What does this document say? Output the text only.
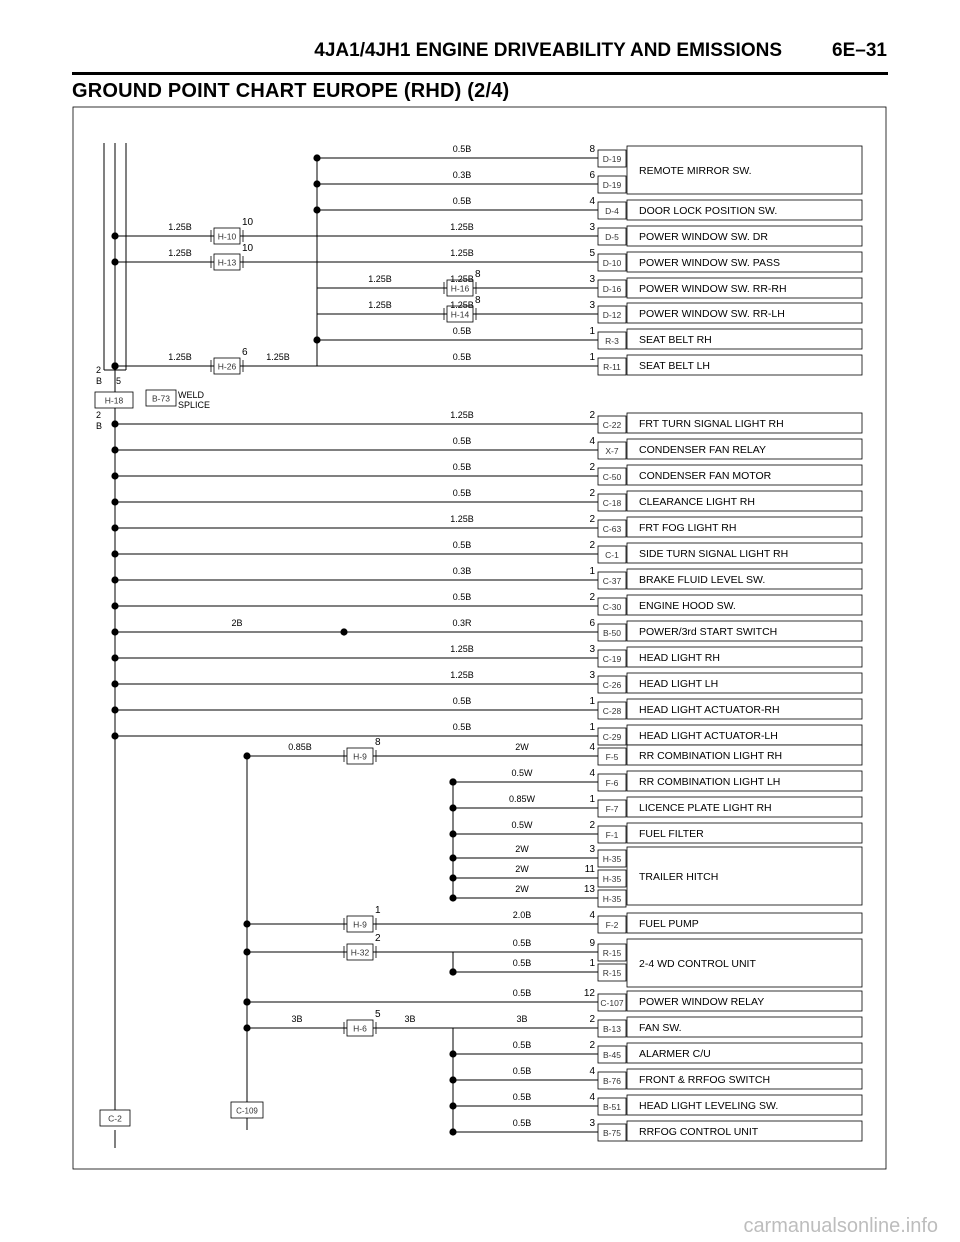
4JA1/4JH1 ENGINE DRIVEABILITY AND EMISSIONS	6E–31
GROUND POINT CHART EUROPE (RHD) (2/4)
D-19
8
0.5B
D-19
6
0.3B
D-4
4
0.5B
D-5
3
1.25B
H-10
10
1.25B
D-10
5
1.25B
H-13
10
1.25B
D-16
3
1.25B
H-16
8
1.25B
D-12
3
1.25B
H-14
8
1.25B
R-3
1
0.5B
R-11
1
0.5B
H-26
6
1.25B	1.25B
C-22
2
1.25B
X-7
4
0.5B
C-50
2
0.5B
C-18
2
0.5B
C-63
2
1.25B
C-1
2
0.5B
C-37
1
0.3B
C-30
2
0.5B
B-50
6
0.3R
2B
C-19
3
1.25B
C-26
3
1.25B
C-28
1
0.5B
C-29
1
0.5B
F-5
4
2W
H-9
8
0.85B
F-6
4
0.5W
F-7
1
0.85W
F-1
2
0.5W
H-35
3
2W
H-35
11
2W
H-35
13
2W
F-2
4
2.0B
H-9
1
R-15
9
0.5B
H-32
2
R-15
1
0.5B
C-107
12
0.5B
B-13
2
3B
H-6
5
3B	3B
B-45
2
0.5B
B-76
4
0.5B
B-51
4
0.5B
B-75
3
0.5B
REMOTE MIRROR SW.
DOOR LOCK POSITION SW.
POWER WINDOW SW. DR
POWER WINDOW SW. PASS
POWER WINDOW SW. RR-RH
POWER WINDOW SW. RR-LH
SEAT BELT RH
SEAT BELT LH
FRT TURN SIGNAL LIGHT RH
CONDENSER FAN RELAY
CONDENSER FAN MOTOR
CLEARANCE LIGHT RH
FRT FOG LIGHT RH
SIDE TURN SIGNAL LIGHT RH
BRAKE FLUID LEVEL SW.
ENGINE HOOD SW.
POWER/3rd START SWITCH
HEAD LIGHT RH
HEAD LIGHT LH
HEAD LIGHT ACTUATOR-RH
HEAD LIGHT ACTUATOR-LH
RR COMBINATION LIGHT RH
RR COMBINATION LIGHT LH
LICENCE PLATE LIGHT RH
FUEL FILTER
TRAILER HITCH
FUEL PUMP
2-4 WD CONTROL UNIT
POWER WINDOW RELAY
FAN SW.
ALARMER C/U
FRONT & RRFOG SWITCH
HEAD LIGHT LEVELING SW.
RRFOG CONTROL UNIT
H-18	B-73 WELD
SPLICE
2
B 5
2
B
C-2
C-109
carmanualsonline.info
